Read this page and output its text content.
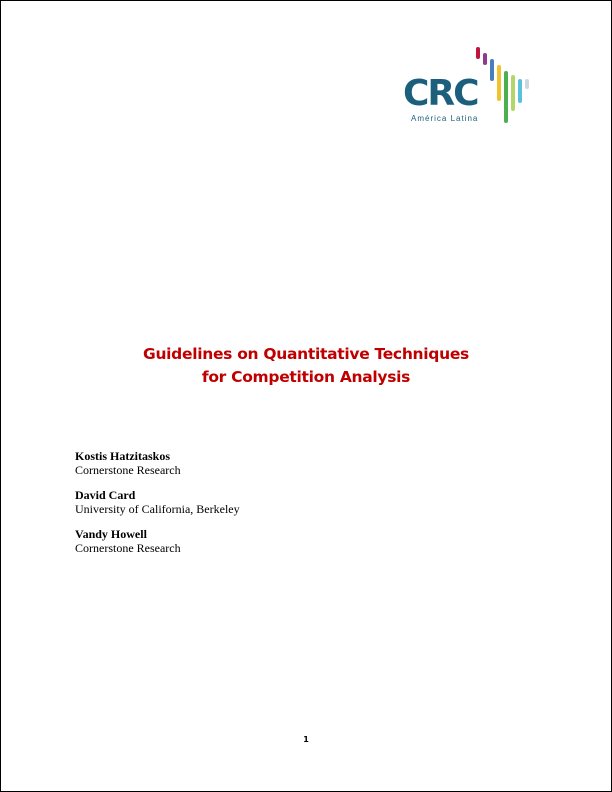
CRC
América Latina
Guidelines on Quantitative Techniques
for Competition Analysis
Kostis Hatzitaskos
Cornerstone Research
David Card
University of California, Berkeley
Vandy Howell
Cornerstone Research
1
